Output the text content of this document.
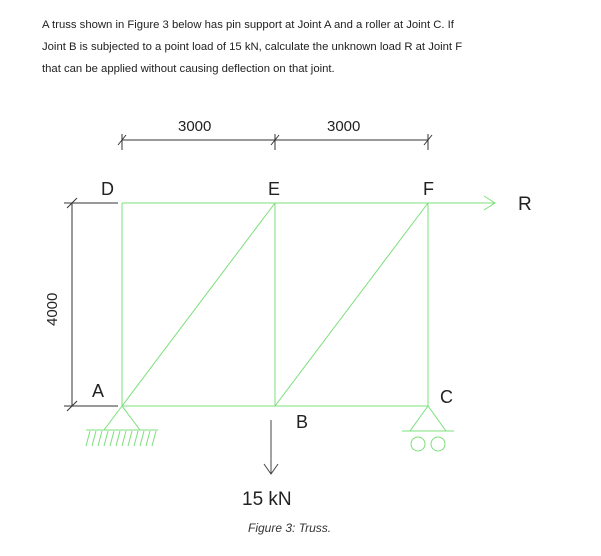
A truss shown in Figure 3 below has pin support at Joint A and a roller at Joint C. If

Joint B is subjected to a point load of 15 kN, calculate the unknown load R at Joint F

that can be applied without causing deflection on that joint.

3000	3000
4000
D	E	F
A
B
C
R
15 kN
Figure 3: Truss.
